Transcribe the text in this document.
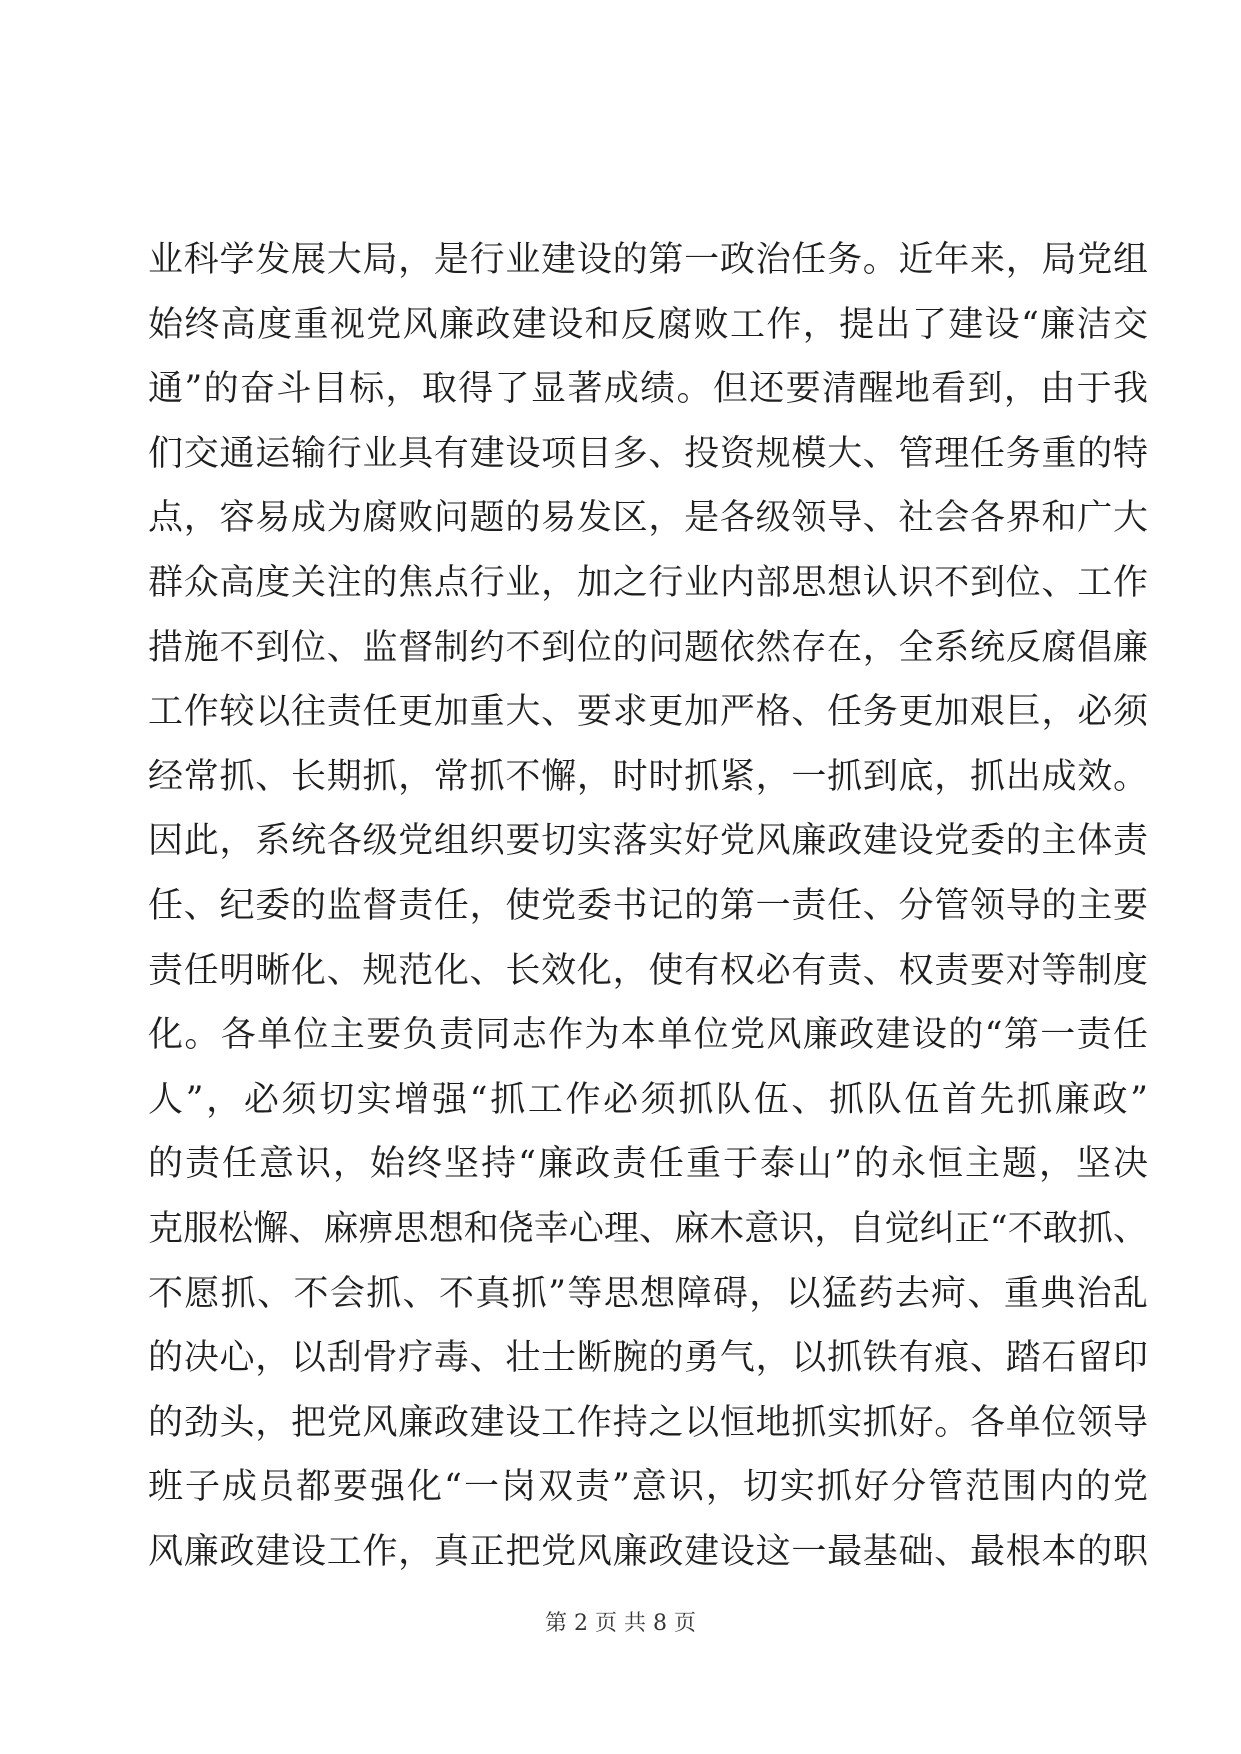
业科学发展大局，是行业建设的第一政治任务。近年来，局党组
始终高度重视党风廉政建设和反腐败工作，提出了建设“廉洁交
通”的奋斗目标，取得了显著成绩。但还要清醒地看到，由于我
们交通运输行业具有建设项目多、投资规模大、管理任务重的特
点，容易成为腐败问题的易发区，是各级领导、社会各界和广大
群众高度关注的焦点行业，加之行业内部思想认识不到位、工作
措施不到位、监督制约不到位的问题依然存在，全系统反腐倡廉
工作较以往责任更加重大、要求更加严格、任务更加艰巨，必须
经常抓、长期抓，常抓不懈，时时抓紧，一抓到底，抓出成效。
因此，系统各级党组织要切实落实好党风廉政建设党委的主体责
任、纪委的监督责任，使党委书记的第一责任、分管领导的主要
责任明晰化、规范化、长效化，使有权必有责、权责要对等制度
化。各单位主要负责同志作为本单位党风廉政建设的“第一责任
人”，必须切实增强“抓工作必须抓队伍、抓队伍首先抓廉政”
的责任意识，始终坚持“廉政责任重于泰山”的永恒主题，坚决
克服松懈、麻痹思想和侥幸心理、麻木意识，自觉纠正“不敢抓、
不愿抓、不会抓、不真抓”等思想障碍，以猛药去疴、重典治乱
的决心，以刮骨疗毒、壮士断腕的勇气，以抓铁有痕、踏石留印
的劲头，把党风廉政建设工作持之以恒地抓实抓好。各单位领导
班子成员都要强化“一岗双责”意识，切实抓好分管范围内的党
风廉政建设工作，真正把党风廉政建设这一最基础、最根本的职
第 2 页 共 8 页
